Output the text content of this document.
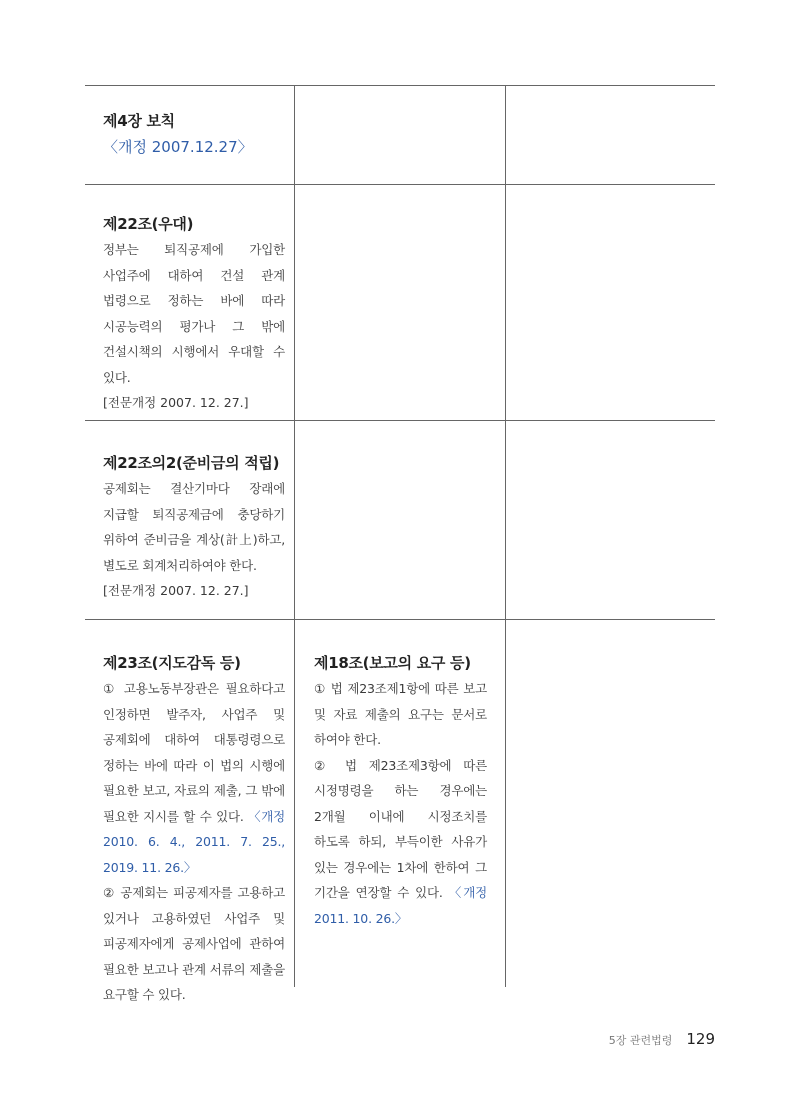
제4장 보칙
〈개정 2007.12.27〉
제22조(우대)

정부는 퇴직공제에 가입한 사업주에 대하여 건설 관계 법령으로 정하는 바에 따라 시공능력의 평가나 그 밖에 건설시책의 시행에서 우대할 수 있다.

[전문개정 2007. 12. 27.]
제22조의2(준비금의 적립)

공제회는 결산기마다 장래에 지급할 퇴직공제금에 충당하기 위하여 준비금을 계상(計上)하고, 별도로 회계처리하여야 한다.

[전문개정 2007. 12. 27.]
제23조(지도감독 등)

① 고용노동부장관은 필요하다고 인정하면 발주자, 사업주 및 공제회에 대하여 대통령령으로 정하는 바에 따라 이 법의 시행에 필요한 보고, 자료의 제출, 그 밖에 필요한 지시를 할 수 있다. 〈개정 2010. 6. 4., 2011. 7. 25., 2019. 11. 26.〉

② 공제회는 피공제자를 고용하고 있거나 고용하였던 사업주 및 피공제자에게 공제사업에 관하여 필요한 보고나 관계 서류의 제출을 요구할 수 있다.

제18조(보고의 요구 등)

① 법 제23조제1항에 따른 보고 및 자료 제출의 요구는 문서로 하여야 한다.

② 법 제23조제3항에 따른 시정명령을 하는 경우에는 2개월 이내에 시정조치를 하도록 하되, 부득이한 사유가 있는 경우에는 1차에 한하여 그 기간을 연장할 수 있다. 〈개정 2011. 10. 26.〉

5장 관련법령 129
